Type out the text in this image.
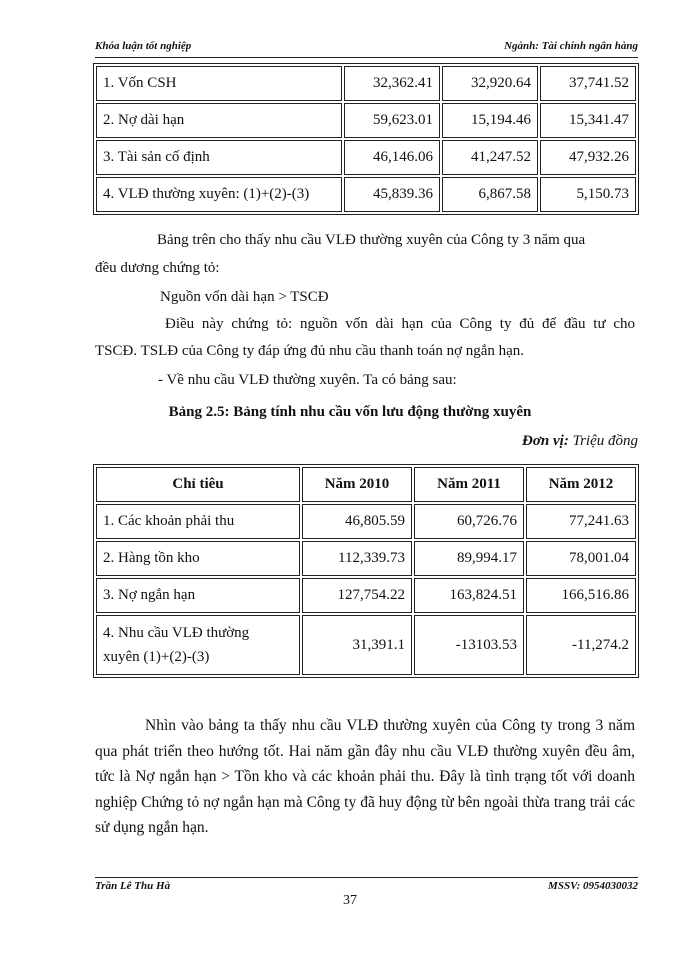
Khóa luận tốt nghiệp	Ngành: Tài chính ngân hàng
1. Vốn CSH	32,362.41	32,920.64	37,741.52
2. Nợ dài hạn	59,623.01	15,194.46	15,341.47
3. Tài sản cố định	46,146.06	41,247.52	47,932.26
4. VLĐ thường xuyên: (1)+(2)-(3)	45,839.36	6,867.58	5,150.73
Bảng trên cho thấy nhu cầu VLĐ thường xuyên của Công ty 3 năm qua
đều dương chứng tỏ:
Nguồn vốn dài hạn > TSCĐ
Điều này chứng tỏ: nguồn vốn dài hạn của Công ty đủ để đầu tư cho
TSCĐ. TSLĐ của Công ty đáp ứng đủ nhu cầu thanh toán nợ ngắn hạn.
- Về nhu cầu VLĐ thường xuyên. Ta có bảng sau:
Bảng 2.5: Bảng tính nhu cầu vốn lưu động thường xuyên
Đơn vị: Triệu đồng
Chỉ tiêu	Năm 2010	Năm 2011	Năm 2012
1. Các khoản phải thu	46,805.59	60,726.76	77,241.63
2. Hàng tồn kho	112,339.73	89,994.17	78,001.04
3. Nợ ngắn hạn	127,754.22	163,824.51	166,516.86
4. Nhu cầu VLĐ thường
xuyên (1)+(2)-(3)	31,391.1	-13103.53	-11,274.2
Nhìn vào bảng ta thấy nhu cầu VLĐ thường xuyên của Công ty trong 3 năm qua phát triển theo hướng tốt. Hai năm gần đây nhu cầu VLĐ thường xuyên đều âm, tức là Nợ ngắn hạn > Tồn kho và các khoản phải thu. Đây là tình trạng tốt với doanh nghiệp Chứng tỏ nợ ngắn hạn mà Công ty đã huy động từ bên ngoài thừa trang trải các sử dụng ngắn hạn.
Trần Lê Thu Hà	MSSV: 0954030032
37
